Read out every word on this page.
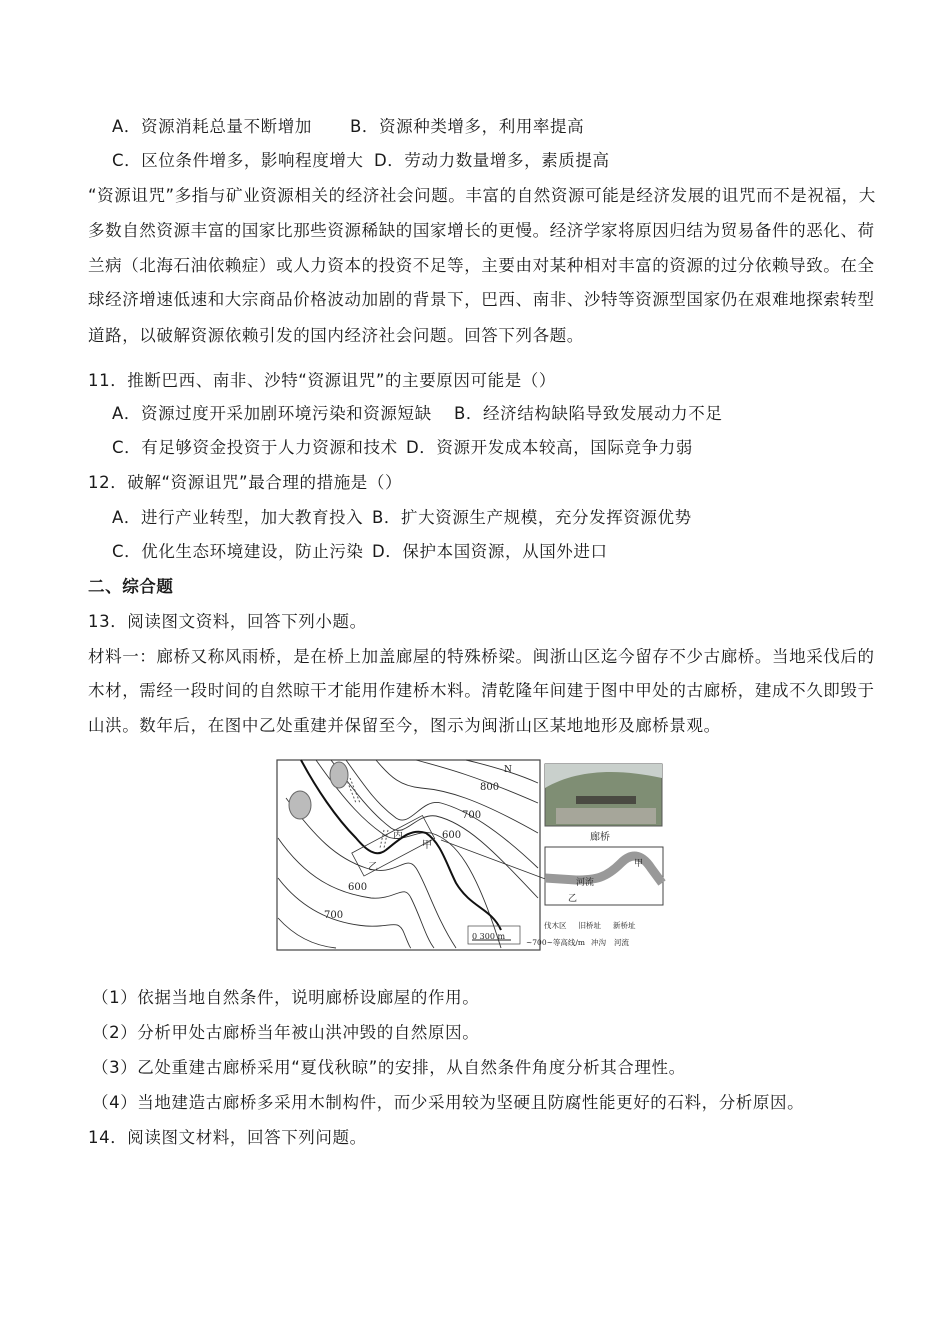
A．资源消耗总量不断增加 B．资源种类增多，利用率提高
C．区位条件增多，影响程度增大 D．劳动力数量增多，素质提高
“资源诅咒”多指与矿业资源相关的经济社会问题。丰富的自然资源可能是经济发展的诅咒而不是祝福，大
多数自然资源丰富的国家比那些资源稀缺的国家增长的更慢。经济学家将原因归结为贸易备件的恶化、荷
兰病（北海石油依赖症）或人力资本的投资不足等，主要由对某种相对丰富的资源的过分依赖导致。在全
球经济增速低速和大宗商品价格波动加剧的背景下，巴西、南非、沙特等资源型国家仍在艰难地探索转型
道路，以破解资源依赖引发的国内经济社会问题。回答下列各题。
11．推断巴西、南非、沙特“资源诅咒”的主要原因可能是（）
A．资源过度开采加剧环境污染和资源短缺 B．经济结构缺陷导致发展动力不足
C．有足够资金投资于人力资源和技术 D．资源开发成本较高，国际竞争力弱
12．破解“资源诅咒”最合理的措施是（）
A．进行产业转型，加大教育投入 B．扩大资源生产规模，充分发挥资源优势
C．优化生态环境建设，防止污染 D．保护本国资源，从国外进口
二、综合题
13．阅读图文资料，回答下列小题。
材料一：廊桥又称风雨桥，是在桥上加盖廊屋的特殊桥梁。闽浙山区迄今留存不少古廊桥。当地采伐后的
木材，需经一段时间的自然晾干才能用作建桥木料。清乾隆年间建于图中甲处的古廊桥，建成不久即毁于
山洪。数年后，在图中乙处重建并保留至今，图示为闽浙山区某地地形及廊桥景观。
800
700
600
600
700
N
甲
乙
丙
0 300 m
廊桥
河流
甲
乙
伐木区 旧桥址 新桥址
~700~等高线/m 冲沟 河流
（1）依据当地自然条件，说明廊桥设廊屋的作用。
（2）分析甲处古廊桥当年被山洪冲毁的自然原因。
（3）乙处重建古廊桥采用“夏伐秋晾”的安排，从自然条件角度分析其合理性。
（4）当地建造古廊桥多采用木制构件，而少采用较为坚硬且防腐性能更好的石料，分析原因。
14．阅读图文材料，回答下列问题。
